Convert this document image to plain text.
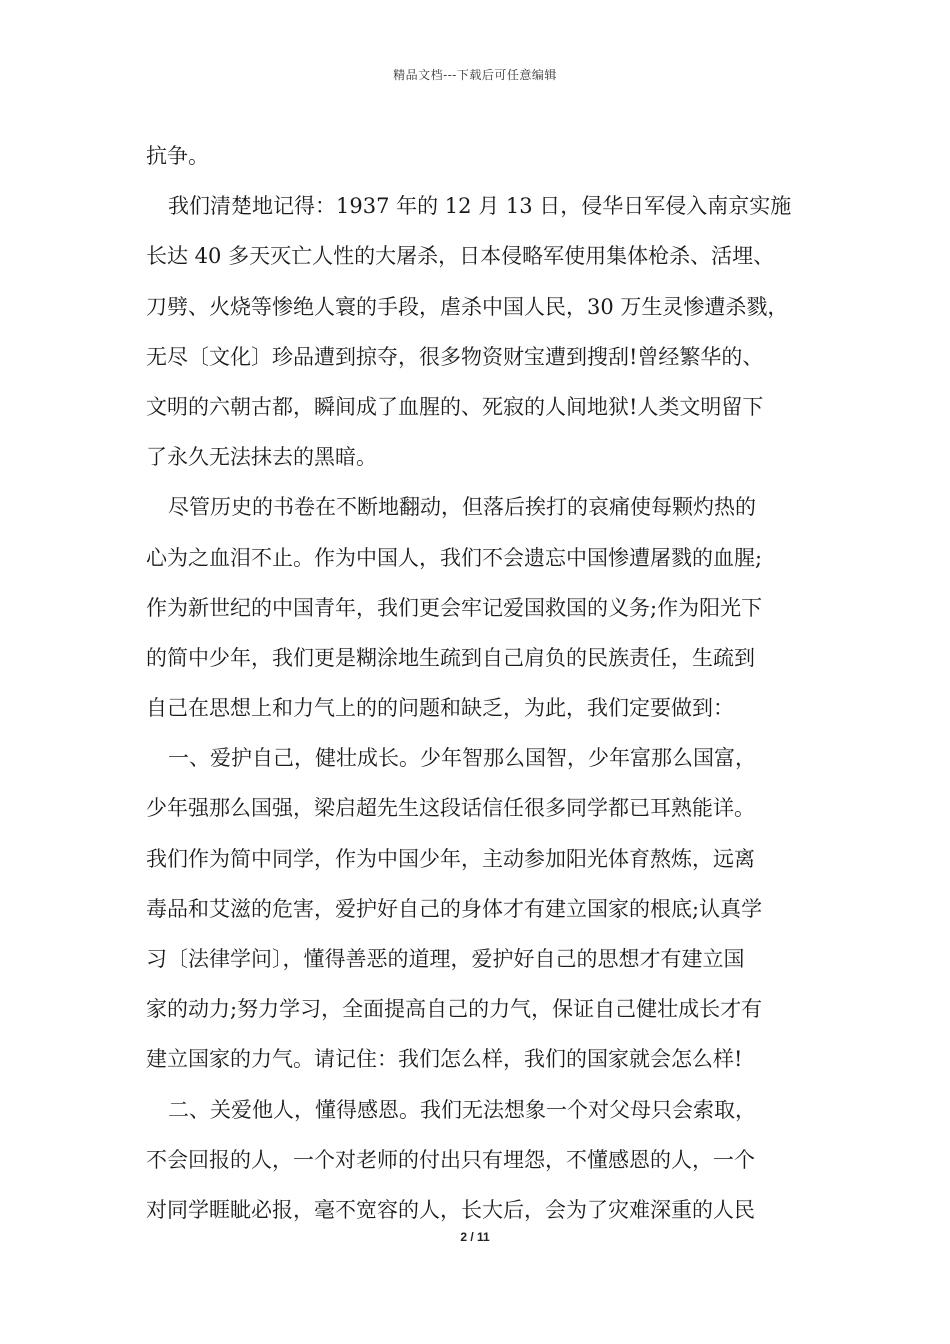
精品文档---下载后可任意编辑
抗争。
我们清楚地记得：1937 年的 12 月 13 日，侵华日军侵入南京实施
长达 40 多天灭亡人性的大屠杀，日本侵略军使用集体枪杀、活埋、
刀劈、火烧等惨绝人寰的手段，虐杀中国人民，30 万生灵惨遭杀戮，
无尽〔文化〕珍品遭到掠夺，很多物资财宝遭到搜刮!曾经繁华的、
文明的六朝古都，瞬间成了血腥的、死寂的人间地狱!人类文明留下
了永久无法抹去的黑暗。
尽管历史的书卷在不断地翻动，但落后挨打的哀痛使每颗灼热的
心为之血泪不止。作为中国人，我们不会遗忘中国惨遭屠戮的血腥;
作为新世纪的中国青年，我们更会牢记爱国救国的义务;作为阳光下
的简中少年，我们更是糊涂地生疏到自己肩负的民族责任，生疏到
自己在思想上和力气上的的问题和缺乏，为此，我们定要做到：
一、爱护自己，健壮成长。少年智那么国智，少年富那么国富，
少年强那么国强，梁启超先生这段话信任很多同学都已耳熟能详。
我们作为简中同学，作为中国少年，主动参加阳光体育熬炼，远离
毒品和艾滋的危害，爱护好自己的身体才有建立国家的根底;认真学
习〔法律学问〕，懂得善恶的道理，爱护好自己的思想才有建立国
家的动力;努力学习，全面提高自己的力气，保证自己健壮成长才有
建立国家的力气。请记住：我们怎么样，我们的国家就会怎么样!
二、关爱他人，懂得感恩。我们无法想象一个对父母只会索取，
不会回报的人，一个对老师的付出只有埋怨，不懂感恩的人，一个
对同学睚眦必报，毫不宽容的人，长大后，会为了灾难深重的人民
2 / 11
